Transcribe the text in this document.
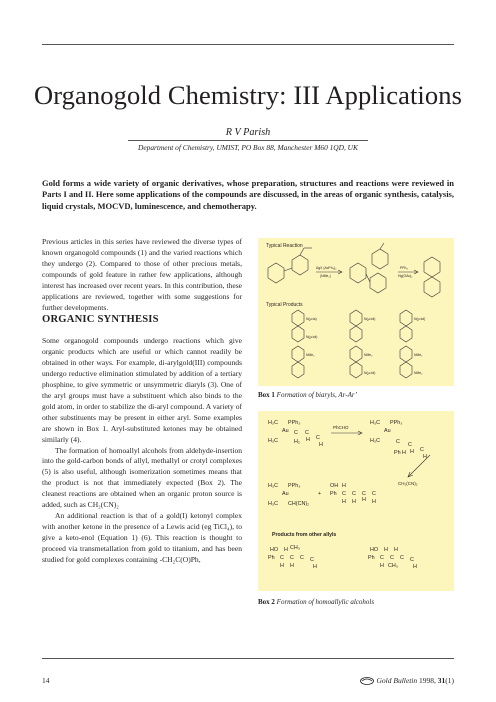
Organogold Chemistry: III Applications
R V Parish
Department of Chemistry, UMIST, PO Box 88, Manchester M60 1QD, UK
Gold forms a wide variety of organic derivatives, whose preparation, structures and reactions were reviewed in Parts I and II. Here some applications of the compounds are discussed, in the areas of organic synthesis, catalysis, liquid crystals, MOCVD, luminescence, and chemotherapy.

Previous articles in this series have reviewed the diverse types of known organogold compounds (1) and the varied reactions which they undergo (2). Compared to those of other precious metals, compounds of gold feature in rather few applications, although interest has increased over recent years. In this contribution, these applications are reviewed, together with some suggestions for further developments.

ORGANIC SYNTHESIS

Some organogold compounds undergo reactions which give organic products which are useful or which cannot readily be obtained in other ways. For example, di-arylgold(III) compounds undergo reductive elimination stimulated by addition of a tertiary phosphine, to give symmetric or unsymmetric diaryls (3). One of the aryl groups must have a substituent which also binds to the gold atom, in order to stabilize the di-aryl compound. A variety of other substituents may be present in either aryl. Some examples are shown in Box 1. Aryl-substituted ketones may be obtained similarly (4).

The formation of homoallyl alcohols from aldehyde-insertion into the gold-carbon bonds of allyl, methallyl or crotyl complexes (5) is also useful, although isomerization sometimes means that the product is not that immediately expected (Box 2). The cleanest reactions are obtained when an organic proton source is added, such as CH₂(CN)₂

An additional reaction is that of a gold(I) ketonyl complex with another ketone in the presence of a Lewis acid (eg TiCl₄), to give a keto-enol (Equation 1) (6). This reaction is thought to proceed via transmetallation from gold to titanium, and has been studied for gold complexes containing -CH₂C(O)Ph,

Typical Reaction
Typical Products
AgX (AcPh₃)₂
(NMe₂)
PPh₃
Hg(OAc)₂
N(μ-ta)	N(μ-tol)	N(p-tol)
N(μ-tol)
NMe₂	NMe₂	NMe₂
N(μ-tol)	NMe₂
Box 1 Formation of biaryls, Ar-Ar’
H₃C PPh₃
Au C C
C
H₃C	H₂ H
H
PhCHO
H₃C PPh₃
Au
H₃C	C C
C
Ph H H
H
CH₂(CN)₂
H₃C PPh₃
Au
H₃C CH(CN)₂
+
OH H
Ph C C C C
H H H H
Products from other allyls
HO H CH₃
Ph C C C C
H H	H
HO H H
Ph C C C C
H CH₃	H
Box 2 Formation of homoallylic alcohols
14	Gold Bulletin 1998, 31(1)
